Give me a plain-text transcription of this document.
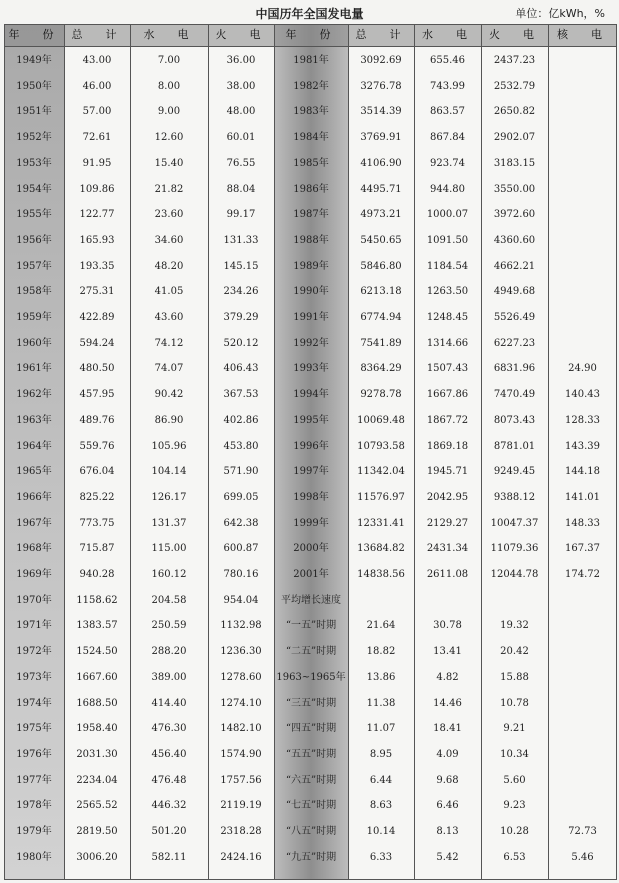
中国历年全国发电量	单位：亿kWh，%
年　份	总　计	水　电	火　电	年　份	总　计	水　电	火　电	核　电
1949年	43.00	7.00	36.00
1950年	46.00	8.00	38.00
1951年	57.00	9.00	48.00
1952年	72.61	12.60	60.01
1953年	91.95	15.40	76.55
1954年	109.86	21.82	88.04
1955年	122.77	23.60	99.17
1956年	165.93	34.60	131.33
1957年	193.35	48.20	145.15
1958年	275.31	41.05	234.26
1959年	422.89	43.60	379.29
1960年	594.24	74.12	520.12
1961年	480.50	74.07	406.43
1962年	457.95	90.42	367.53
1963年	489.76	86.90	402.86
1964年	559.76	105.96	453.80
1965年	676.04	104.14	571.90
1966年	825.22	126.17	699.05
1967年	773.75	131.37	642.38
1968年	715.87	115.00	600.87
1969年	940.28	160.12	780.16
1970年	1158.62	204.58	954.04
1971年	1383.57	250.59	1132.98
1972年	1524.50	288.20	1236.30
1973年	1667.60	389.00	1278.60
1974年	1688.50	414.40	1274.10
1975年	1958.40	476.30	1482.10
1976年	2031.30	456.40	1574.90
1977年	2234.04	476.48	1757.56
1978年	2565.52	446.32	2119.19
1979年	2819.50	501.20	2318.28
1980年	3006.20	582.11	2424.16
1981年	3092.69	655.46	2437.23
1982年	3276.78	743.99	2532.79
1983年	3514.39	863.57	2650.82
1984年	3769.91	867.84	2902.07
1985年	4106.90	923.74	3183.15
1986年	4495.71	944.80	3550.00
1987年	4973.21	1000.07	3972.60
1988年	5450.65	1091.50	4360.60
1989年	5846.80	1184.54	4662.21
1990年	6213.18	1263.50	4949.68
1991年	6774.94	1248.45	5526.49
1992年	7541.89	1314.66	6227.23
1993年	8364.29	1507.43	6831.96	24.90
1994年	9278.78	1667.86	7470.49	140.43
1995年	10069.48	1867.72	8073.43	128.33
1996年	10793.58	1869.18	8781.01	143.39
1997年	11342.04	1945.71	9249.45	144.18
1998年	11576.97	2042.95	9388.12	141.01
1999年	12331.41	2129.27	10047.37	148.33
2000年	13684.82	2431.34	11079.36	167.37
2001年	14838.56	2611.08	12044.78	174.72
平均增长速度
“一五”时期	21.64	30.78	19.32
“二五”时期	18.82	13.41	20.42
1963~1965年	13.86	4.82	15.88
“三五”时期	11.38	14.46	10.78
“四五”时期	11.07	18.41	9.21
“五五”时期	8.95	4.09	10.34
“六五”时期	6.44	9.68	5.60
“七五”时期	8.63	6.46	9.23
“八五”时期	10.14	8.13	10.28	72.73
“九五”时期	6.33	5.42	6.53	5.46
